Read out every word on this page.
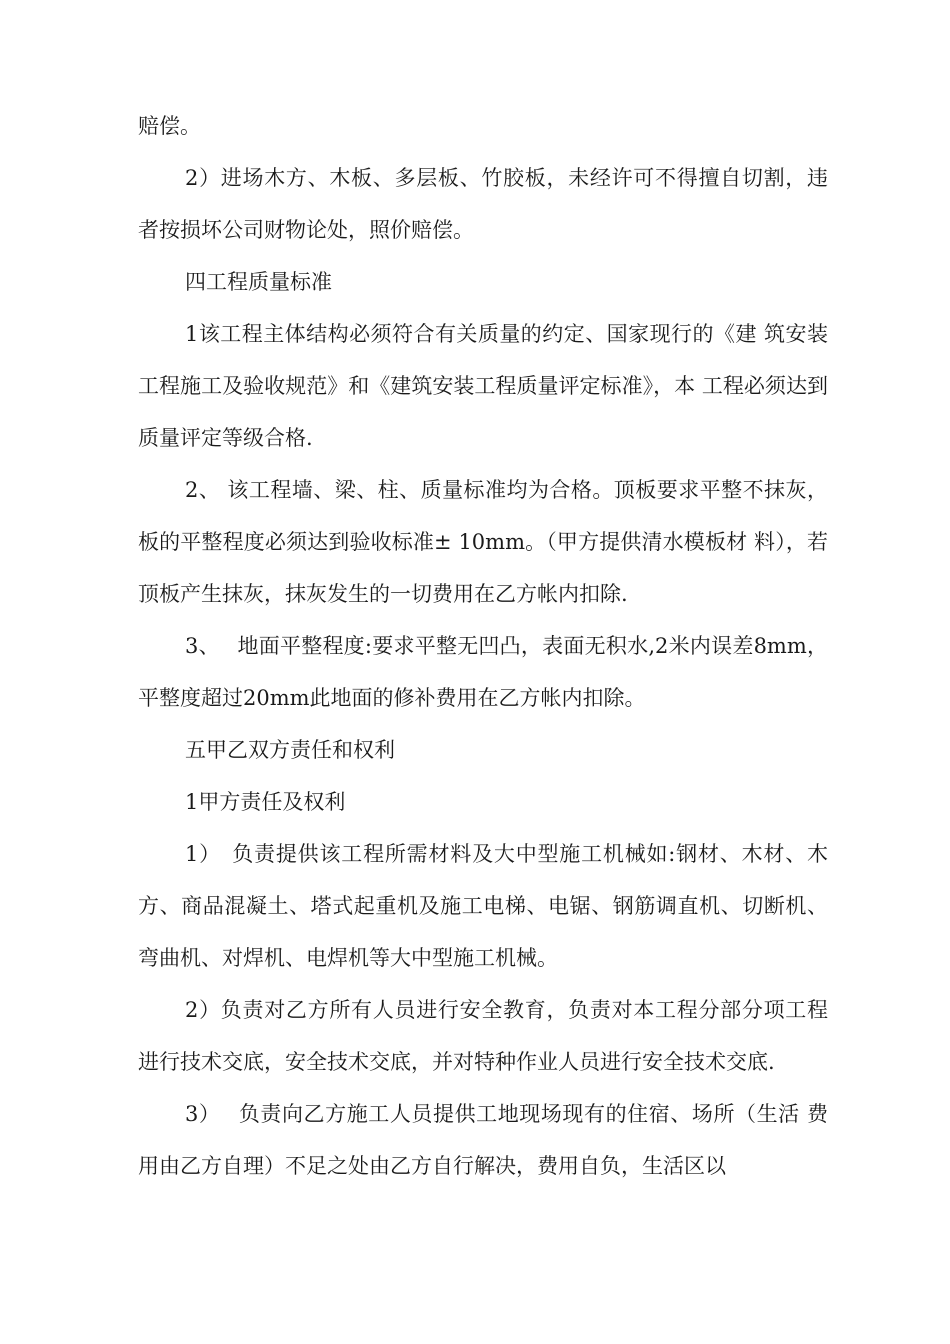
赔偿。

2）进场木方、木板、多层板、竹胶板，未经许可不得擅自切割，违者按损坏公司财物论处，照价赔偿。

四工程质量标准

1该工程主体结构必须符合有关质量的约定、国家现行的《建 筑安装工程施工及验收规范》和《建筑安装工程质量评定标准》，本 工程必须达到质量评定等级合格.

2、 该工程墙、梁、柱、质量标准均为合格。顶板要求平整不抹灰，板的平整程度必须达到验收标准± 10mm。（甲方提供清水模板材 料），若顶板产生抹灰，抹灰发生的一切费用在乙方帐内扣除.

3、　 地面平整程度:要求平整无凹凸，表面无积水,2米内误差8mm， 平整度超过20mm此地面的修补费用在乙方帐内扣除。

五甲乙双方责任和权利

1甲方责任及权利

1）　负责提供该工程所需材料及大中型施工机械如:钢材、木材、木方、商品混凝土、塔式起重机及施工电梯、电锯、钢筋调直机、切断机、弯曲机、对焊机、电焊机等大中型施工机械。

2）负责对乙方所有人员进行安全教育，负责对本工程分部分项工程进行技术交底，安全技术交底，并对特种作业人员进行安全技术交底.

3）　 负责向乙方施工人员提供工地现场现有的住宿、场所（生活 费用由乙方自理）不足之处由乙方自行解决，费用自负，生活区以
